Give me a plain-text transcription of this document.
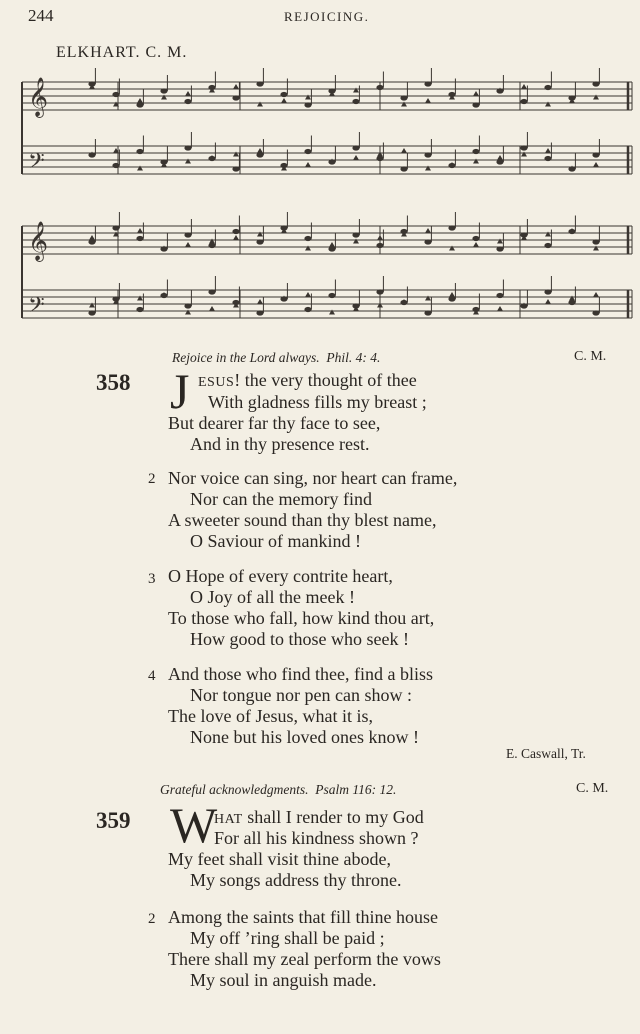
244	REJOICING.
ELKHART. C. M.
𝄞
𝄢
𝄞
𝄢
Rejoice in the Lord always. Phil. 4: 4.	C. M.
358 J ESUS! the very thought of thee
With gladness fills my breast ;
But dearer far thy face to see,
And in thy presence rest.
2 Nor voice can sing, nor heart can frame,
Nor can the memory find
A sweeter sound than thy blest name,
O Saviour of mankind !
3 O Hope of every contrite heart,
O Joy of all the meek !
To those who fall, how kind thou art,
How good to those who seek !
4 And those who find thee, find a bliss
Nor tongue nor pen can show :
The love of Jesus, what it is,
None but his loved ones know !
E. Caswall, Tr.
Grateful acknowledgments. Psalm 116: 12.	C. M.
359 W
HAT shall I render to my God
For all his kindness shown ?
My feet shall visit thine abode,
My songs address thy throne.
2 Among the saints that fill thine house
My off ’ring shall be paid ;
There shall my zeal perform the vows
My soul in anguish made.
